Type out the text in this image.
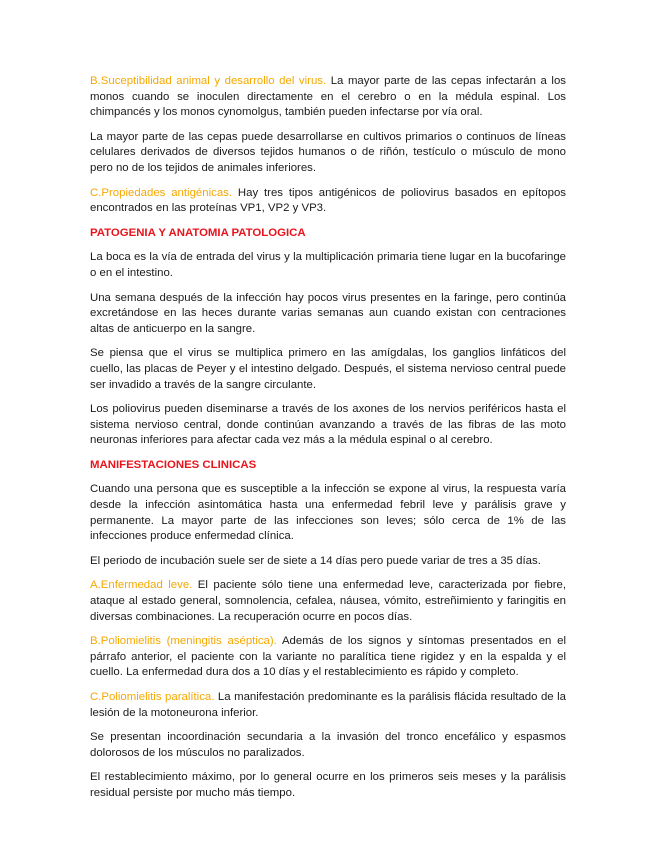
B.Suceptibilidad animal y desarrollo del virus. La mayor parte de las cepas infectarán a los monos cuando se inoculen directamente en el cerebro o en la médula espinal. Los chimpancés y los monos cynomolgus, también pueden infectarse por vía oral.

La mayor parte de las cepas puede desarrollarse en cultivos primarios o continuos de líneas celulares derivados de diversos tejidos humanos o de riñón, testículo o músculo de mono pero no de los tejidos de animales inferiores.

C.Propiedades antigénicas. Hay tres tipos antigénicos de poliovirus basados en epítopos encontrados en las proteínas VP1, VP2 y VP3.

PATOGENIA Y ANATOMIA PATOLOGICA

La boca es la vía de entrada del virus y la multiplicación primaria tiene lugar en la bucofaringe o en el intestino.

Una semana después de la infección hay pocos virus presentes en la faringe, pero continúa excretándose en las heces durante varias semanas aun cuando existan con centraciones altas de anticuerpo en la sangre.

Se piensa que el virus se multiplica primero en las amígdalas, los ganglios linfáticos del cuello, las placas de Peyer y el intestino delgado. Después, el sistema nervioso central puede ser invadido a través de la sangre circulante.

Los poliovirus pueden diseminarse a través de los axones de los nervios periféricos hasta el sistema nervioso central, donde continúan avanzando a través de las fibras de las moto neuronas inferiores para afectar cada vez más a la médula espinal o al cerebro.

MANIFESTACIONES CLINICAS

Cuando una persona que es susceptible a la infección se expone al virus, la respuesta varía desde la infección asintomática hasta una enfermedad febril leve y parálisis grave y permanente. La mayor parte de las infecciones son leves; sólo cerca de 1% de las infecciones produce enfermedad clínica.

El periodo de incubación suele ser de siete a 14 días pero puede variar de tres a 35 días.

A.Enfermedad leve. El paciente sólo tiene una enfermedad leve, caracterizada por fiebre, ataque al estado general, somnolencia, cefalea, náusea, vómito, estreñimiento y faringitis en diversas combinaciones. La recuperación ocurre en pocos días.

B.Poliomielitis (meningitis aséptica). Además de los signos y síntomas presentados en el párrafo anterior, el paciente con la variante no paralítica tiene rigidez y en la espalda y el cuello. La enfermedad dura dos a 10 días y el restablecimiento es rápido y completo.

C.Poliomielitis paralítica. La manifestación predominante es la parálisis flácida resultado de la lesión de la motoneurona inferior.

Se presentan incoordinación secundaria a la invasión del tronco encefálico y espasmos dolorosos de los músculos no paralizados.

El restablecimiento máximo, por lo general ocurre en los primeros seis meses y la parálisis residual persiste por mucho más tiempo.
